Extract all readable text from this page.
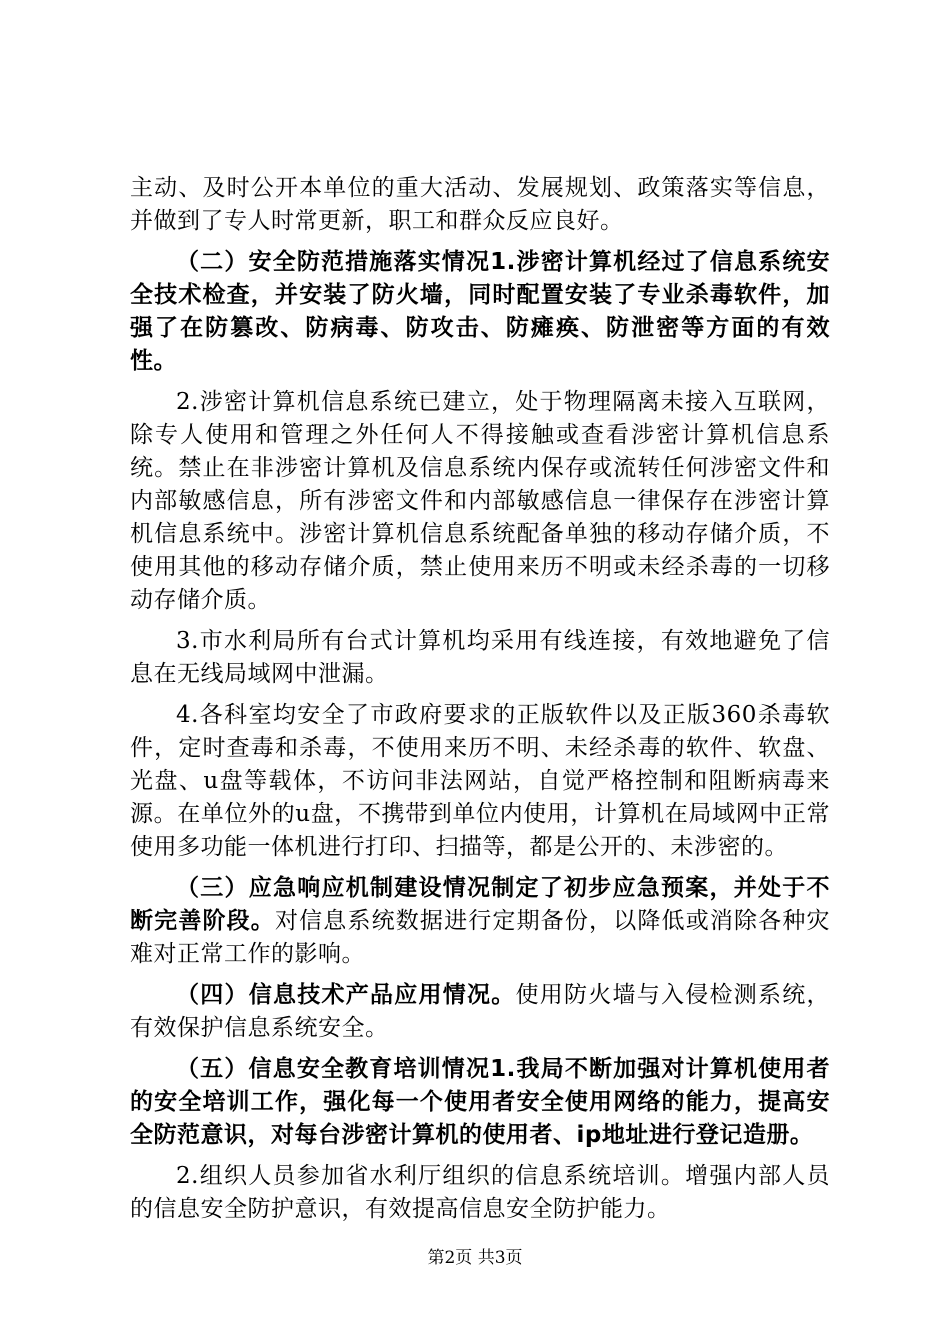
主动、及时公开本单位的重大活动、发展规划、政策落实等信息，并做到了专人时常更新，职工和群众反应良好。

（二）安全防范措施落实情况1.涉密计算机经过了信息系统安全技术检查，并安装了防火墙，同时配置安装了专业杀毒软件，加强了在防篡改、防病毒、防攻击、防瘫痪、防泄密等方面的有效性。

2.涉密计算机信息系统已建立，处于物理隔离未接入互联网，除专人使用和管理之外任何人不得接触或查看涉密计算机信息系统。禁止在非涉密计算机及信息系统内保存或流转任何涉密文件和内部敏感信息，所有涉密文件和内部敏感信息一律保存在涉密计算机信息系统中。涉密计算机信息系统配备单独的移动存储介质，不使用其他的移动存储介质，禁止使用来历不明或未经杀毒的一切移动存储介质。

3.市水利局所有台式计算机均采用有线连接，有效地避免了信息在无线局域网中泄漏。

4.各科室均安全了市政府要求的正版软件以及正版360杀毒软件，定时查毒和杀毒，不使用来历不明、未经杀毒的软件、软盘、光盘、u盘等载体，不访问非法网站，自觉严格控制和阻断病毒来源。在单位外的u盘，不携带到单位内使用，计算机在局域网中正常使用多功能一体机进行打印、扫描等，都是公开的、未涉密的。

（三）应急响应机制建设情况制定了初步应急预案，并处于不断完善阶段。对信息系统数据进行定期备份，以降低或消除各种灾难对正常工作的影响。

（四）信息技术产品应用情况。使用防火墙与入侵检测系统，有效保护信息系统安全。

（五）信息安全教育培训情况1.我局不断加强对计算机使用者的安全培训工作，强化每一个使用者安全使用网络的能力，提高安全防范意识，对每台涉密计算机的使用者、ip地址进行登记造册。

2.组织人员参加省水利厅组织的信息系统培训。增强内部人员的信息安全防护意识，有效提高信息安全防护能力。

第2页 共3页
